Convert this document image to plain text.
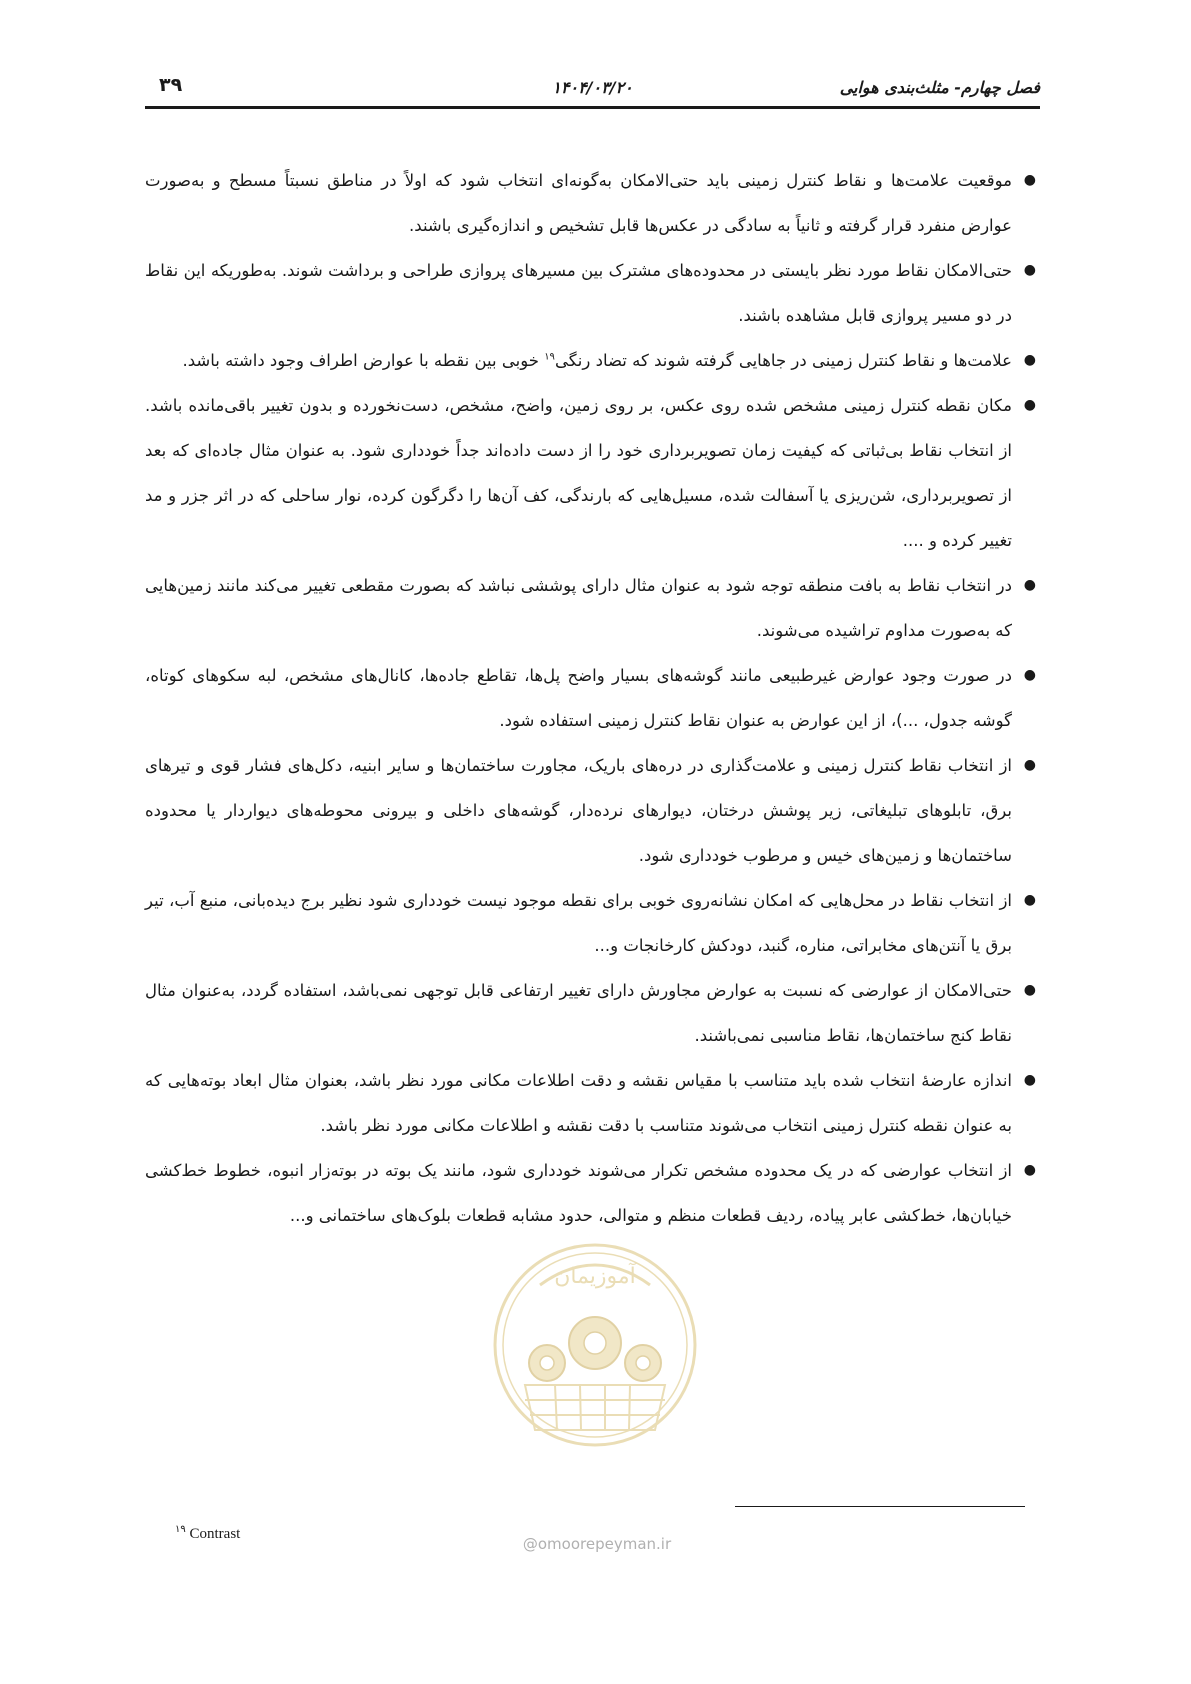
فصل چهارم- مثلث‌بندی هوایی
۱۴۰۴/۰۳/۲۰
۳۹
●
موقعیت علامت‌ها و نقاط کنترل زمینی باید حتی‌الامکان به‌گونه‌ای انتخاب شود که اولاً در مناطق نسبتاً مسطح و به‌صورت عوارض منفرد قرار گرفته و ثانیاً به سادگی در عکس‌ها قابل تشخیص و اندازه‌گیری باشند.
●
حتی‌الامکان نقاط مورد نظر بایستی در محدوده‌های مشترک بین مسیرهای پروازی طراحی و برداشت شوند. به‌طوریکه این نقاط در دو مسیر پروازی قابل مشاهده باشند.
●
علامت‌ها و نقاط کنترل زمینی در جاهایی گرفته شوند که تضاد رنگی$^{۱۹}$ خوبی بین نقطه با عوارض اطراف وجود داشته باشد.
●
مکان نقطه کنترل زمینی مشخص شده روی عکس، بر روی زمین، واضح، مشخص، دست‌نخورده و بدون تغییر باقی‌مانده باشد. از انتخاب نقاط بی‌ثباتی که کیفیت زمان تصویربرداری خود را از دست داده‌اند جداً خودداری شود. به عنوان مثال جاده‌ای که بعد از تصویربرداری، شن‌ریزی یا آسفالت شده، مسیل‌هایی که بارندگی، کف آن‌ها را دگرگون کرده، نوار ساحلی که در اثر جزر و مد تغییر کرده و ....
●
در انتخاب نقاط به بافت منطقه توجه شود به عنوان مثال دارای پوششی نباشد که بصورت مقطعی تغییر می‌کند مانند زمین‌هایی که به‌صورت مداوم تراشیده می‌شوند.
●
در صورت وجود عوارض غیرطبیعی مانند گوشه‌های بسیار واضح پل‌ها، تقاطع جاده‌ها، کانال‌های مشخص، لبه سکوهای کوتاه، گوشه جدول، ...)، از این عوارض به عنوان نقاط کنترل زمینی استفاده شود.
●
از انتخاب نقاط کنترل زمینی و علامت‌گذاری در دره‌های باریک، مجاورت ساختمان‌ها و سایر ابنیه، دکل‌های فشار قوی و تیرهای برق، تابلوهای تبلیغاتی، زیر پوشش درختان، دیوارهای نرده‌دار، گوشه‌های داخلی و بیرونی محوطه‌های دیواردار یا محدوده ساختمان‌ها و زمین‌های خیس و مرطوب خودداری شود.
●
از انتخاب نقاط در محل‌هایی که امکان نشانه‌روی خوبی برای نقطه موجود نیست خودداری شود نظیر برج دیده‌بانی، منبع آب، تیر برق یا آنتن‌های مخابراتی، مناره، گنبد، دودکش کارخانجات و...
●
حتی‌الامکان از عوارضی که نسبت به عوارض مجاورش دارای تغییر ارتفاعی قابل توجهی نمی‌باشد، استفاده گردد، به‌عنوان مثال نقاط کنج ساختمان‌ها، نقاط مناسبی نمی‌باشند.
●
اندازه عارضهٔ انتخاب شده باید متناسب با مقیاس نقشه و دقت اطلاعات مکانی مورد نظر باشد، بعنوان مثال ابعاد بوته‌هایی که به عنوان نقطه کنترل زمینی انتخاب می‌شوند متناسب با دقت نقشه و اطلاعات مکانی مورد نظر باشد.
●
از انتخاب عوارضی که در یک محدوده مشخص تکرار می‌شوند خودداری شود، مانند یک بوته در بوته‌زار انبوه، خطوط خط‌کشی خیابان‌ها، خط‌کشی عابر پیاده، ردیف قطعات منظم و متوالی، حدود مشابه قطعات بلوک‌های ساختمانی و...
آموزیمان
@omoorepeyman.ir
$^{۱۹}$ Contrast
